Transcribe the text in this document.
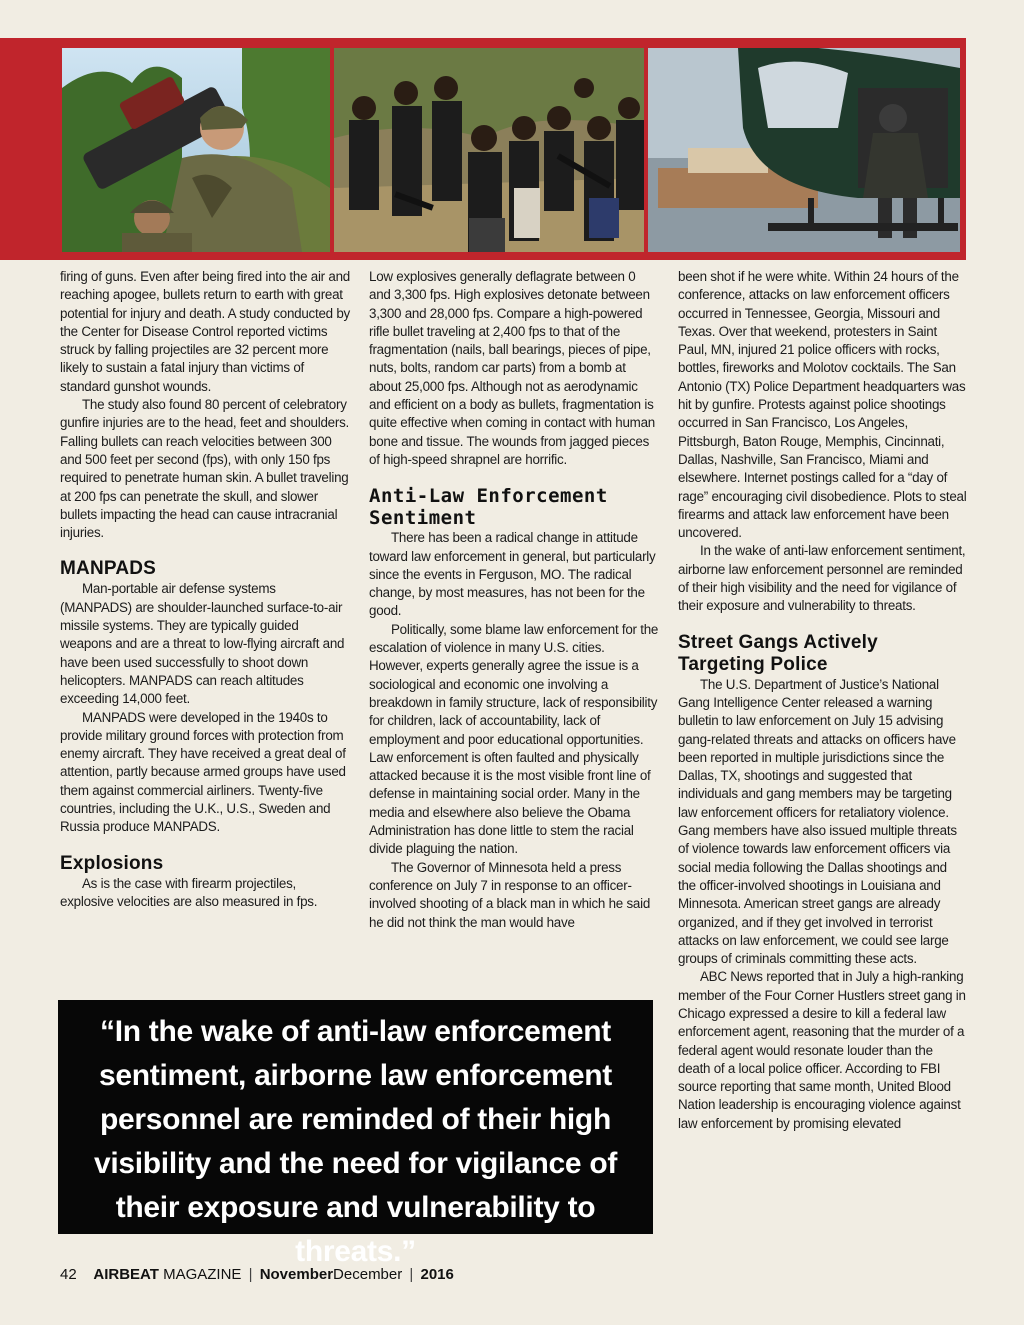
firing of guns. Even after being fired into the air and reaching apogee, bullets return to earth with great potential for injury and death. A study conducted by the Center for Disease Control reported victims struck by falling projectiles are 32 percent more likely to sustain a fatal injury than victims of standard gunshot wounds.

The study also found 80 percent of celebratory gunfire injuries are to the head, feet and shoulders. Falling bullets can reach velocities between 300 and 500 feet per second (fps), with only 150 fps required to penetrate human skin. A bullet traveling at 200 fps can penetrate the skull, and slower bullets impacting the head can cause intracranial injuries.

MANPADS

Man-portable air defense systems (MANPADS) are shoulder-launched surface-to-air missile systems. They are typically guided weapons and are a threat to low-flying aircraft and have been used successfully to shoot down helicopters. MANPADS can reach altitudes exceeding 14,000 feet.

MANPADS were developed in the 1940s to provide military ground forces with protection from enemy aircraft. They have received a great deal of attention, partly because armed groups have used them against commercial airliners. Twenty-five countries, including the U.K., U.S., Sweden and Russia produce MANPADS.

Explosions

As is the case with firearm projectiles, explosive velocities are also measured in fps.

Low explosives generally deflagrate between 0 and 3,300 fps. High explosives detonate between 3,300 and 28,000 fps. Compare a high-powered rifle bullet traveling at 2,400 fps to that of the fragmentation (nails, ball bearings, pieces of pipe, nuts, bolts, random car parts) from a bomb at about 25,000 fps. Although not as aerodynamic and efficient on a body as bullets, fragmentation is quite effective when coming in contact with human bone and tissue. The wounds from jagged pieces of high-speed shrapnel are horrific.

Anti-Law Enforcement Sentiment

There has been a radical change in attitude toward law enforcement in general, but particularly since the events in Ferguson, MO. The radical change, by most measures, has not been for the good.

Politically, some blame law enforcement for the escalation of violence in many U.S. cities. However, experts generally agree the issue is a sociological and economic one involving a breakdown in family structure, lack of responsibility for children, lack of accountability, lack of employment and poor educational opportunities. Law enforcement is often faulted and physically attacked because it is the most visible front line of defense in maintaining social order. Many in the media and elsewhere also believe the Obama Administration has done little to stem the racial divide plaguing the nation.

The Governor of Minnesota held a press conference on July 7 in response to an officer-involved shooting of a black man in which he said he did not think the man would have

been shot if he were white. Within 24 hours of the conference, attacks on law enforcement officers occurred in Tennessee, Georgia, Missouri and Texas. Over that weekend, protesters in Saint Paul, MN, injured 21 police officers with rocks, bottles, fireworks and Molotov cocktails. The San Antonio (TX) Police Department headquarters was hit by gunfire. Protests against police shootings occurred in San Francisco, Los Angeles, Pittsburgh, Baton Rouge, Memphis, Cincinnati, Dallas, Nashville, San Francisco, Miami and elsewhere. Internet postings called for a “day of rage” encouraging civil disobedience. Plots to steal firearms and attack law enforcement have been uncovered.

In the wake of anti-law enforcement sentiment, airborne law enforcement personnel are reminded of their high visibility and the need for vigilance of their exposure and vulnerability to threats.

Street Gangs Actively Targeting Police

The U.S. Department of Justice’s National Gang Intelligence Center released a warning bulletin to law enforcement on July 15 advising gang-related threats and attacks on officers have been reported in multiple jurisdictions since the Dallas, TX, shootings and suggested that individuals and gang members may be targeting law enforcement officers for retaliatory violence. Gang members have also issued multiple threats of violence towards law enforcement officers via social media following the Dallas shootings and the officer-involved shootings in Louisiana and Minnesota. American street gangs are already organized, and if they get involved in terrorist attacks on law enforcement, we could see large groups of criminals committing these acts.

ABC News reported that in July a high-ranking member of the Four Corner Hustlers street gang in Chicago expressed a desire to kill a federal law enforcement agent, reasoning that the murder of a federal agent would resonate louder than the death of a local police officer. According to FBI source reporting that same month, United Blood Nation leadership is encouraging violence against law enforcement by promising elevated

“In the wake of anti-law enforcement sentiment, airborne law enforcement personnel are reminded of their high visibility and the need for vigilance of their exposure and vulnerability to threats.”
42 AIRBEAT MAGAZINE | NovemberDecember | 2016
